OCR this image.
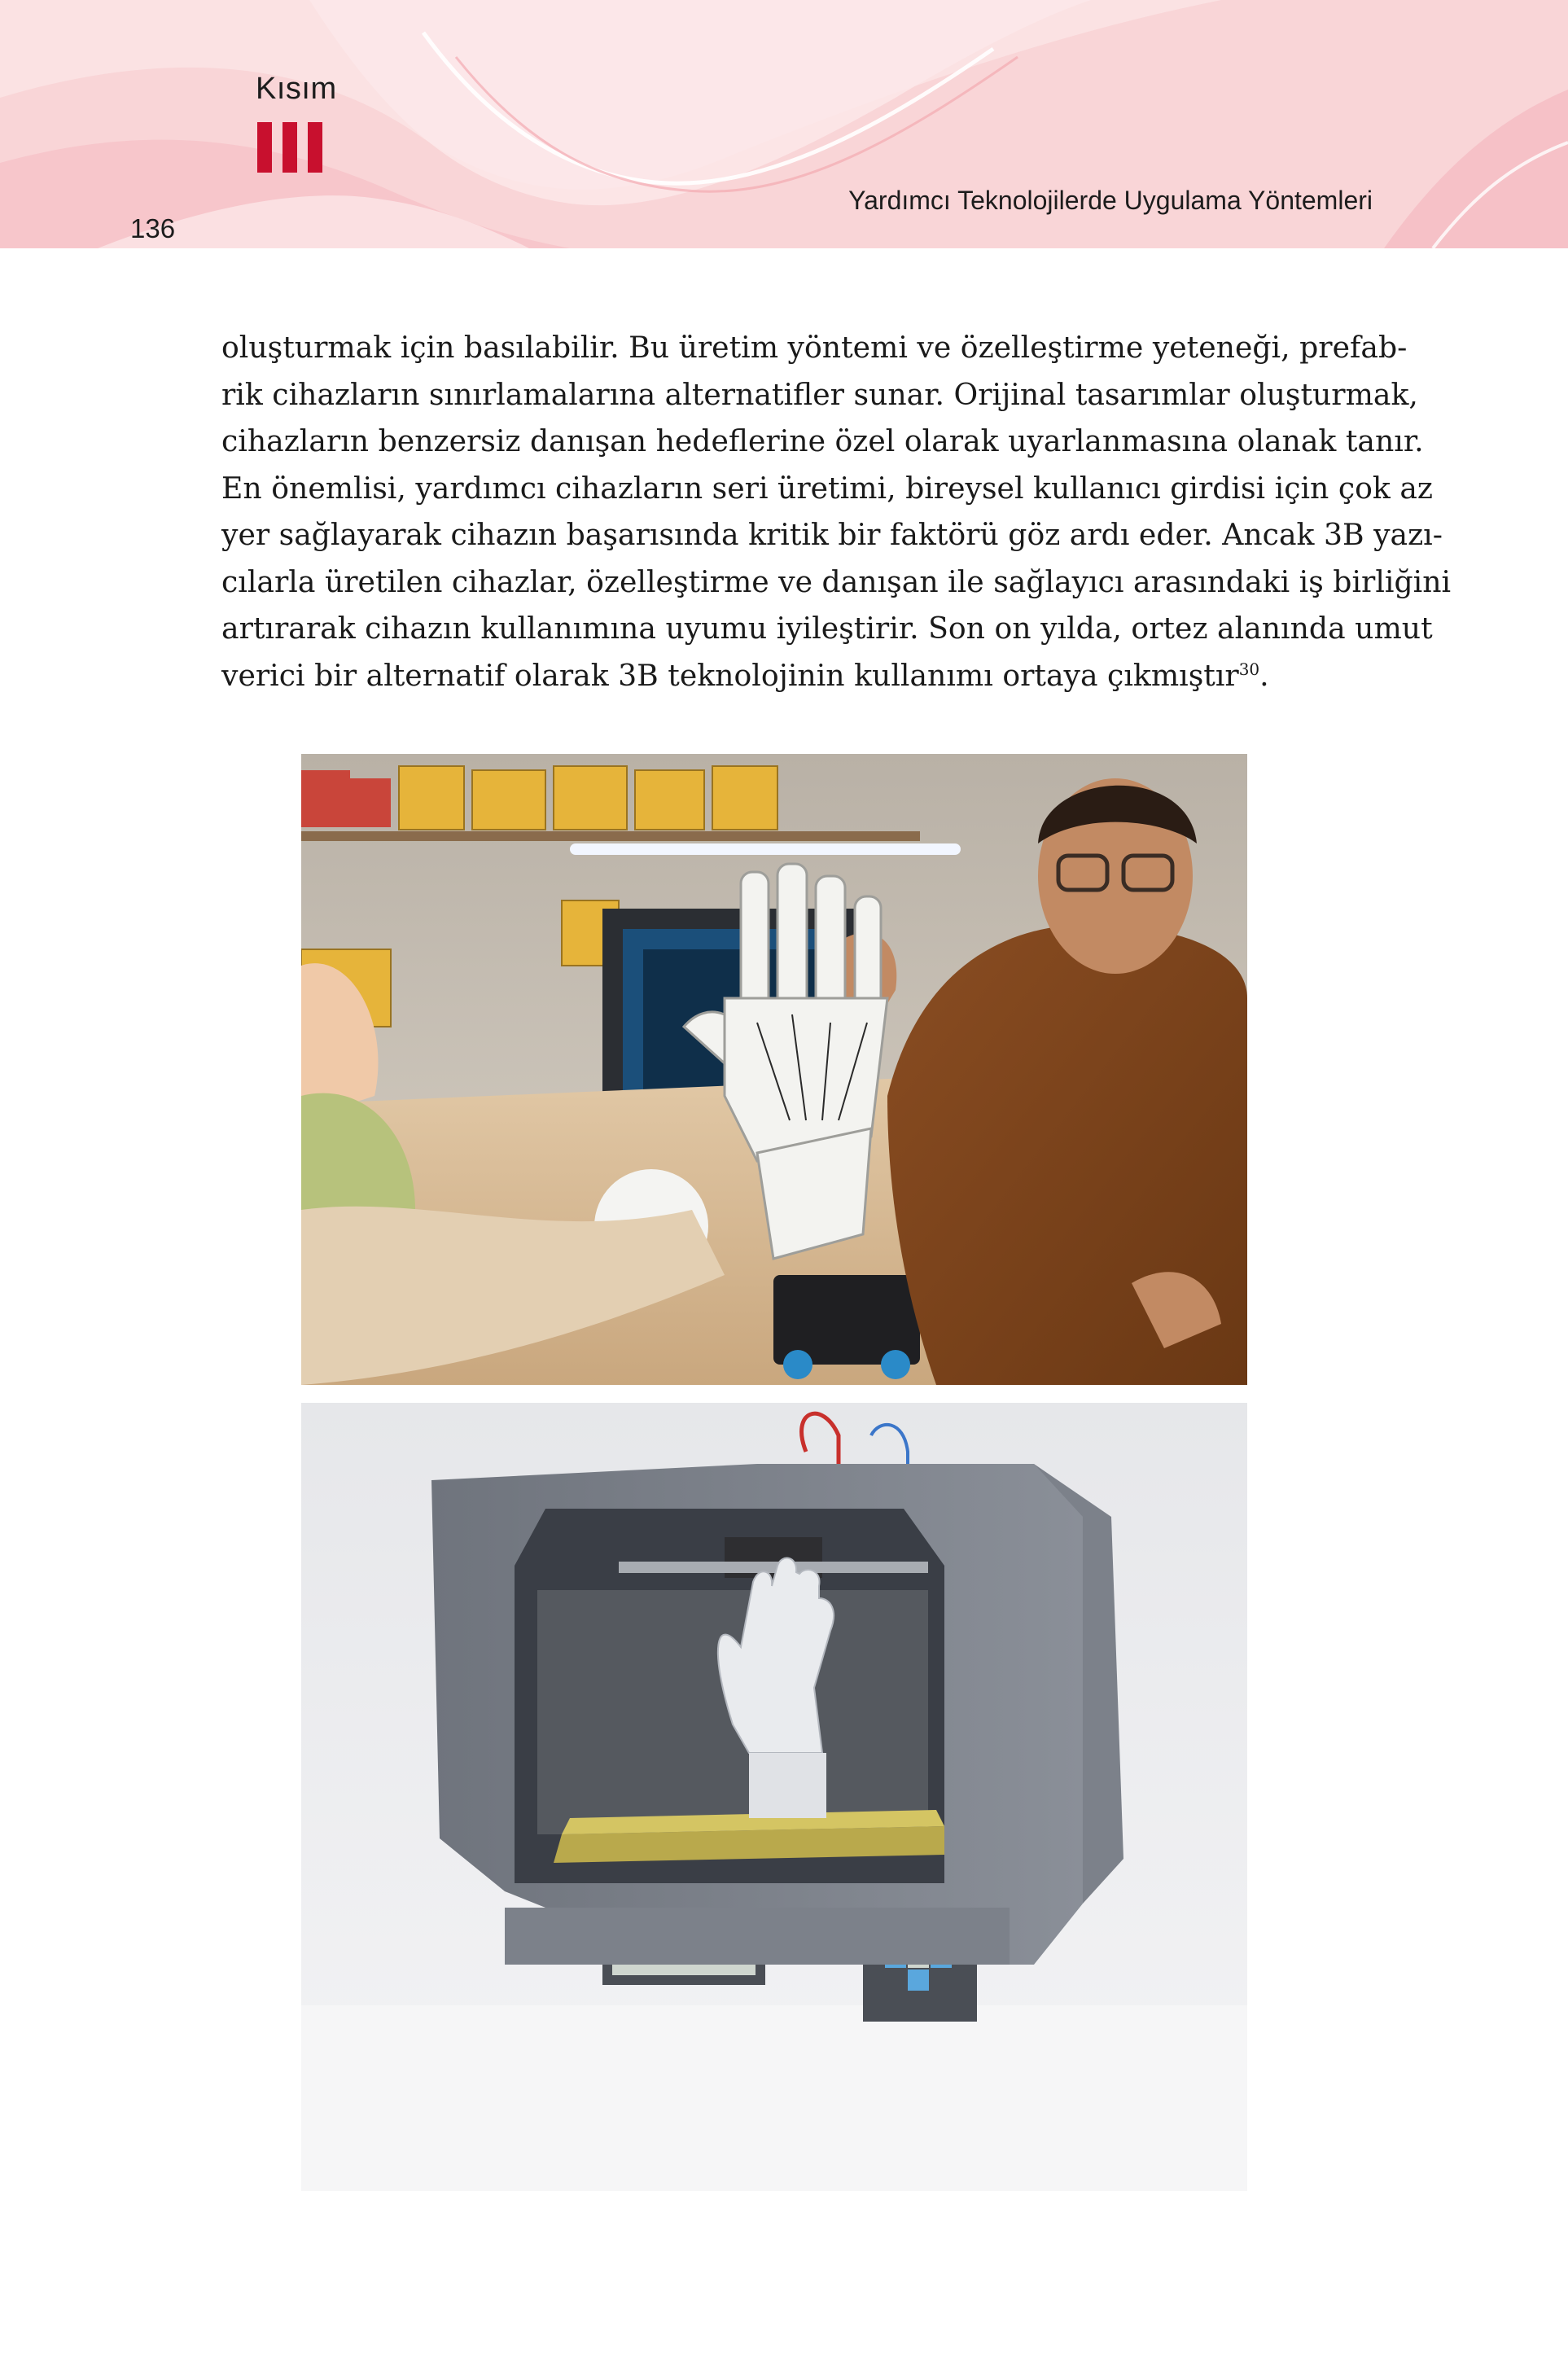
Kısım
136
Yardımcı Teknolojilerde Uygulama Yöntemleri

oluşturmak için basılabilir. Bu üretim yöntemi ve özelleştirme yeteneği, prefab-
rik cihazların sınırlamalarına alternatifler sunar. Orijinal tasarımlar oluşturmak,
cihazların benzersiz danışan hedeflerine özel olarak uyarlanmasına olanak tanır.
En önemlisi, yardımcı cihazların seri üretimi, bireysel kullanıcı girdisi için çok az
yer sağlayarak cihazın başarısında kritik bir faktörü göz ardı eder. Ancak 3B yazı-
cılarla üretilen cihazlar, özelleştirme ve danışan ile sağlayıcı arasındaki iş birliğini
artırarak cihazın kullanımına uyumu iyileştirir. Son on yılda, ortez alanında umut
verici bir alternatif olarak 3B teknolojinin kullanımı ortaya çıkmıştır$^{30}$.
